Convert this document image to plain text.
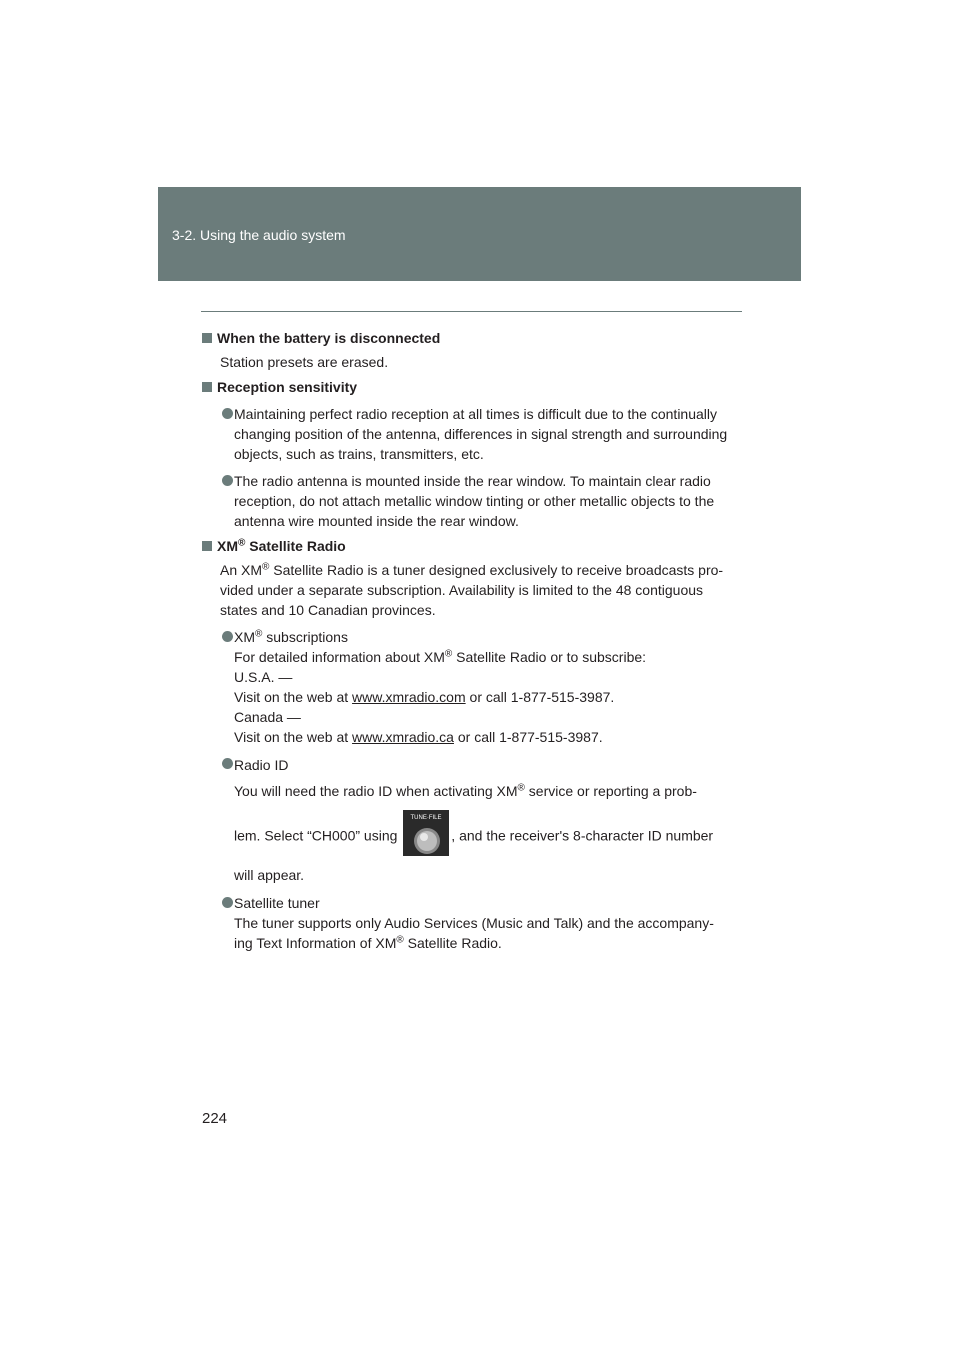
3-2. Using the audio system
When the battery is disconnected
Station presets are erased.
Reception sensitivity
Maintaining perfect radio reception at all times is difficult due to the continually
changing position of the antenna, differences in signal strength and surrounding
objects, such as trains, transmitters, etc.
The radio antenna is mounted inside the rear window. To maintain clear radio
reception, do not attach metallic window tinting or other metallic objects to the
antenna wire mounted inside the rear window.
XM® Satellite Radio
An XM® Satellite Radio is a tuner designed exclusively to receive broadcasts pro-
vided under a separate subscription. Availability is limited to the 48 contiguous
states and 10 Canadian provinces.
XM® subscriptions
For detailed information about XM® Satellite Radio or to subscribe:
U.S.A. —
Visit on the web at www.xmradio.com or call 1-877-515-3987.
Canada —
Visit on the web at www.xmradio.ca or call 1-877-515-3987.
Radio ID
You will need the radio ID when activating XM® service or reporting a prob-
lem. Select “CH000” using
TUNE·FILE
, and the receiver's 8-character ID number
will appear.
Satellite tuner
The tuner supports only Audio Services (Music and Talk) and the accompany-
ing Text Information of XM® Satellite Radio.
224
